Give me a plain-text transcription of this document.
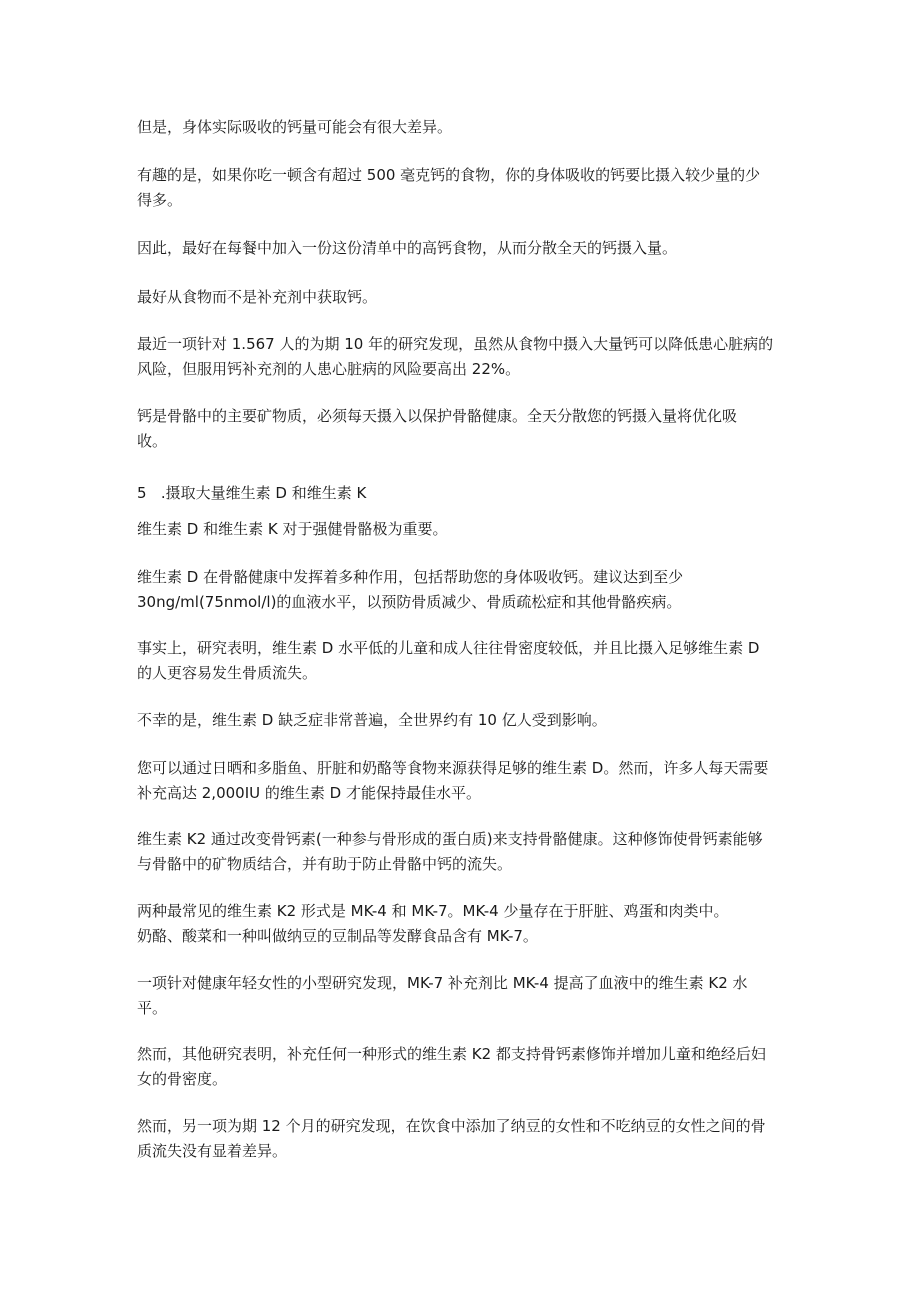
但是，身体实际吸收的钙量可能会有很大差异。

有趣的是，如果你吃一顿含有超过 500 毫克钙的食物，你的身体吸收的钙要比摄入较少量的少
得多。

因此，最好在每餐中加入一份这份清单中的高钙食物，从而分散全天的钙摄入量。

最好从食物而不是补充剂中获取钙。

最近一项针对 1.567 人的为期 10 年的研究发现，虽然从食物中摄入大量钙可以降低患心脏病的
风险，但服用钙补充剂的人患心脏病的风险要高出 22%。

钙是骨骼中的主要矿物质，必须每天摄入以保护骨骼健康。全天分散您的钙摄入量将优化吸
收。

5   .摄取大量维生素 D 和维生素 K

维生素 D 和维生素 K 对于强健骨骼极为重要。

维生素 D 在骨骼健康中发挥着多种作用，包括帮助您的身体吸收钙。建议达到至少
30ng/ml(75nmol/l)的血液水平，以预防骨质减少、骨质疏松症和其他骨骼疾病。

事实上，研究表明，维生素 D 水平低的儿童和成人往往骨密度较低，并且比摄入足够维生素 D
的人更容易发生骨质流失。

不幸的是，维生素 D 缺乏症非常普遍，全世界约有 10 亿人受到影响。

您可以通过日晒和多脂鱼、肝脏和奶酪等食物来源获得足够的维生素 D。然而，许多人每天需要
补充高达 2,000IU 的维生素 D 才能保持最佳水平。

维生素 K2 通过改变骨钙素(一种参与骨形成的蛋白质)来支持骨骼健康。这种修饰使骨钙素能够
与骨骼中的矿物质结合，并有助于防止骨骼中钙的流失。

两种最常见的维生素 K2 形式是 MK-4 和 MK-7。MK-4 少量存在于肝脏、鸡蛋和肉类中。
奶酪、酸菜和一种叫做纳豆的豆制品等发酵食品含有 MK-7。

一项针对健康年轻女性的小型研究发现，MK-7 补充剂比 MK-4 提高了血液中的维生素 K2 水
平。

然而，其他研究表明，补充任何一种形式的维生素 K2 都支持骨钙素修饰并增加儿童和绝经后妇
女的骨密度。

然而，另一项为期 12 个月的研究发现，在饮食中添加了纳豆的女性和不吃纳豆的女性之间的骨
质流失没有显着差异。
